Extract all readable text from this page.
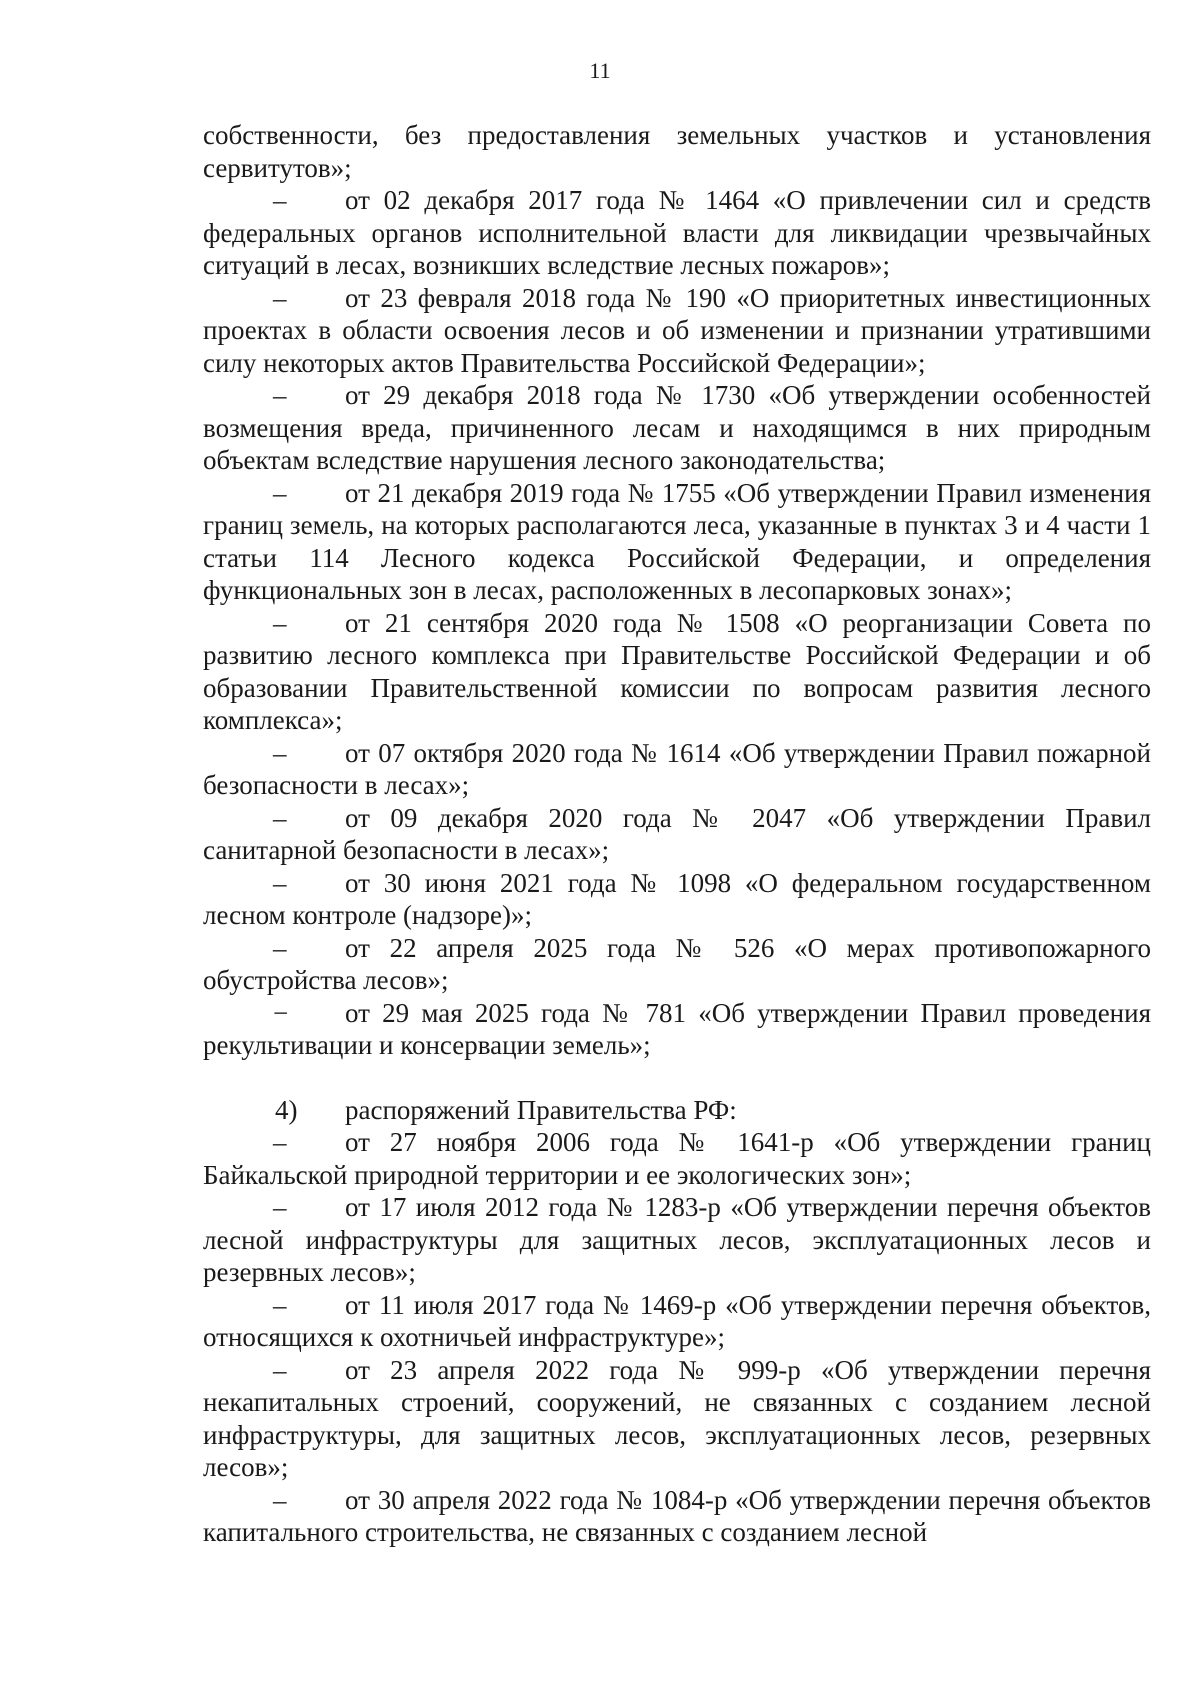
11

собственности, без предоставления земельных участков и установления сервитутов»;

–	от 02 декабря 2017 года № 1464 «О привлечении сил и средств федеральных органов исполнительной власти для ликвидации чрезвычайных ситуаций в лесах, возникших вследствие лесных пожаров»;

–	от 23 февраля 2018 года № 190 «О приоритетных инвестиционных проектах в области освоения лесов и об изменении и признании утратившими силу некоторых актов Правительства Российской Федерации»;

–	от 29 декабря 2018 года № 1730 «Об утверждении особенностей возмещения вреда, причиненного лесам и находящимся в них природным объектам вследствие нарушения лесного законодательства;

–	от 21 декабря 2019 года № 1755 «Об утверждении Правил изменения границ земель, на которых располагаются леса, указанные в пунктах 3 и 4 части 1 статьи 114 Лесного кодекса Российской Федерации, и определения функциональных зон в лесах, расположенных в лесопарковых зонах»;

–	от 21 сентября 2020 года № 1508 «О реорганизации Совета по развитию лесного комплекса при Правительстве Российской Федерации и об образовании Правительственной комиссии по вопросам развития лесного комплекса»;

–	от 07 октября 2020 года № 1614 «Об утверждении Правил пожарной безопасности в лесах»;

–	от 09 декабря 2020 года № 2047 «Об утверждении Правил санитарной безопасности в лесах»;

–	от 30 июня 2021 года № 1098 «О федеральном государственном лесном контроле (надзоре)»;

–	от 22 апреля 2025 года № 526 «О мерах противопожарного обустройства лесов»;

−	от 29 мая 2025 года № 781 «Об утверждении Правил проведения рекультивации и консервации земель»;

4) распоряжений Правительства РФ:

–	от 27 ноября 2006 года № 1641-р «Об утверждении границ Байкальской природной территории и ее экологических зон»;

–	от 17 июля 2012 года № 1283-р «Об утверждении перечня объектов лесной инфраструктуры для защитных лесов, эксплуатационных лесов и резервных лесов»;

–	от 11 июля 2017 года № 1469-р «Об утверждении перечня объектов, относящихся к охотничьей инфраструктуре»;

–	от 23 апреля 2022 года № 999-р «Об утверждении перечня некапитальных строений, сооружений, не связанных с созданием лесной инфраструктуры, для защитных лесов, эксплуатационных лесов, резервных лесов»;

–	от 30 апреля 2022 года № 1084-р «Об утверждении перечня объектов капитального строительства, не связанных с созданием лесной
